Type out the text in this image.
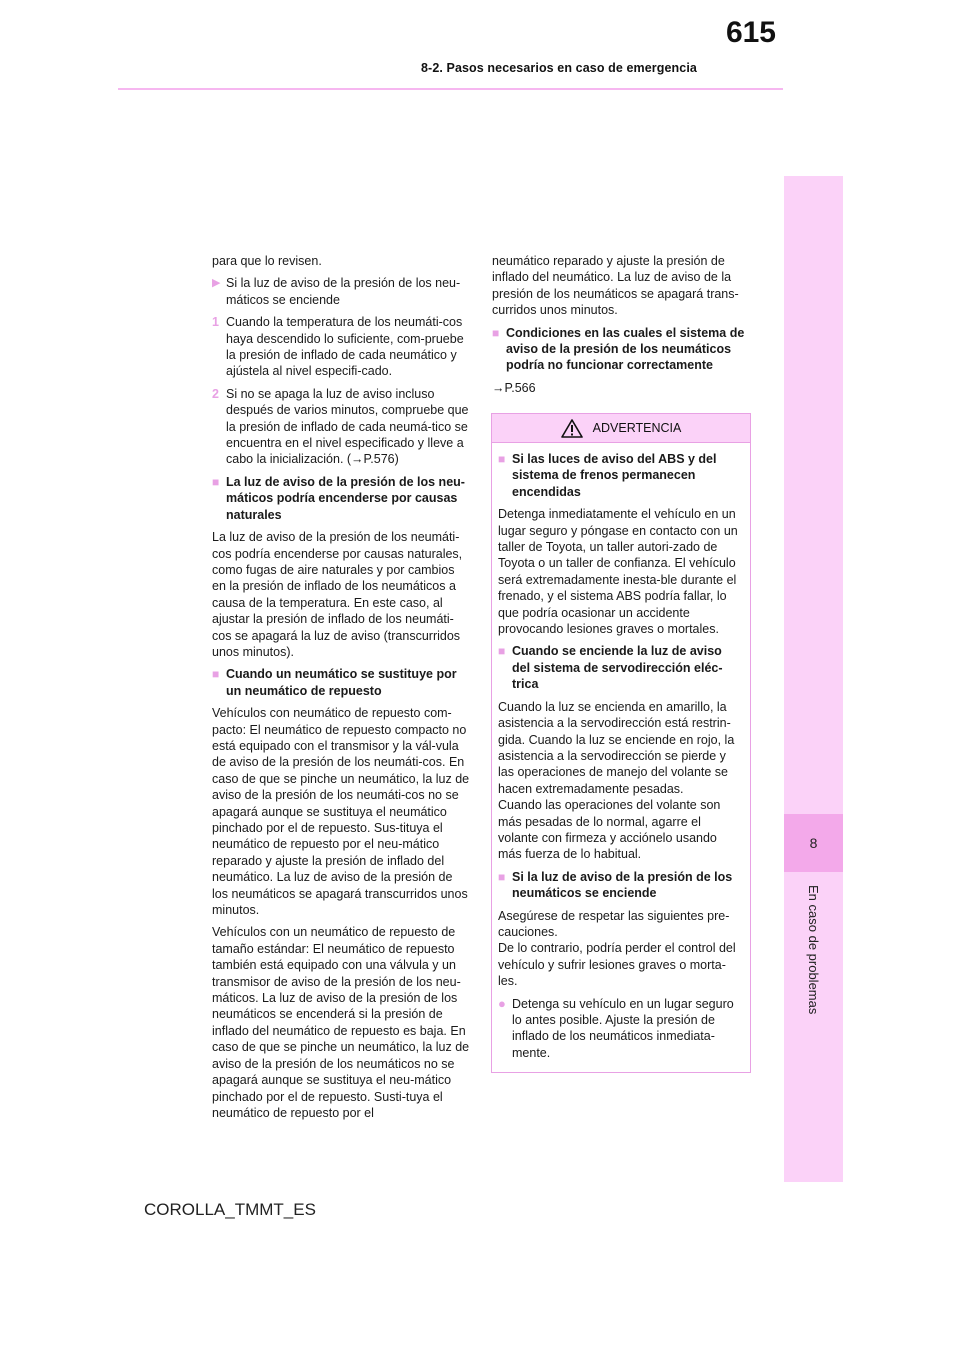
615
8-2. Pasos necesarios en caso de emergencia
8
En caso de problemas

para que lo revisen.

▶ Si la luz de aviso de la presión de los neu-máticos se enciende
1 Cuando la temperatura de los neumáti-cos haya descendido lo suficiente, com-pruebe la presión de inflado de cada neumático y ajústela al nivel especifi-cado.
2 Si no se apaga la luz de aviso incluso después de varios minutos, compruebe que la presión de inflado de cada neumá-tico se encuentra en el nivel especificado y lleve a cabo la inicialización. (→P.576)
■ La luz de aviso de la presión de los neu-máticos podría encenderse por causas naturales

La luz de aviso de la presión de los neumáti-cos podría encenderse por causas naturales, como fugas de aire naturales y por cambios en la presión de inflado de los neumáticos a causa de la temperatura. En este caso, al ajustar la presión de inflado de los neumáti-cos se apagará la luz de aviso (transcurridos unos minutos).

■ Cuando un neumático se sustituye por un neumático de repuesto

Vehículos con neumático de repuesto com-pacto: El neumático de repuesto compacto no está equipado con el transmisor y la vál-vula de aviso de la presión de los neumáti-cos. En caso de que se pinche un neumático, la luz de aviso de la presión de los neumáti-cos no se apagará aunque se sustituya el neumático pinchado por el de repuesto. Sus-tituya el neumático de repuesto por el neu-mático reparado y ajuste la presión de inflado del neumático. La luz de aviso de la presión de los neumáticos se apagará transcurridos unos minutos.

Vehículos con un neumático de repuesto de tamaño estándar: El neumático de repuesto también está equipado con una válvula y un transmisor de aviso de la presión de los neu-máticos. La luz de aviso de la presión de los neumáticos se encenderá si la presión de inflado del neumático de repuesto es baja. En caso de que se pinche un neumático, la luz de aviso de la presión de los neumáticos no se apagará aunque se sustituya el neu-mático pinchado por el de repuesto. Susti-tuya el neumático de repuesto por el

neumático reparado y ajuste la presión de inflado del neumático. La luz de aviso de la presión de los neumáticos se apagará trans-curridos unos minutos.

■ Condiciones en las cuales el sistema de aviso de la presión de los neumáticos podría no funcionar correctamente

→P.566

ADVERTENCIA
■ Si las luces de aviso del ABS y del sistema de frenos permanecen encendidas

Detenga inmediatamente el vehículo en un lugar seguro y póngase en contacto con un taller de Toyota, un taller autori-zado de Toyota o un taller de confianza. El vehículo será extremadamente inesta-ble durante el frenado, y el sistema ABS podría fallar, lo que podría ocasionar un accidente provocando lesiones graves o mortales.

■ Cuando se enciende la luz de aviso del sistema de servodirección eléc-trica

Cuando la luz se encienda en amarillo, la asistencia a la servodirección está restrin-gida. Cuando la luz se enciende en rojo, la asistencia a la servodirección se pierde y las operaciones de manejo del volante se hacen extremadamente pesadas.

Cuando las operaciones del volante son más pesadas de lo normal, agarre el volante con firmeza y acciónelo usando más fuerza de lo habitual.

■ Si la luz de aviso de la presión de los neumáticos se enciende

Asegúrese de respetar las siguientes pre-cauciones.

De lo contrario, podría perder el control del vehículo y sufrir lesiones graves o morta-les.

● Detenga su vehículo en un lugar seguro lo antes posible. Ajuste la presión de inflado de los neumáticos inmediata-mente.
COROLLA_TMMT_ES
